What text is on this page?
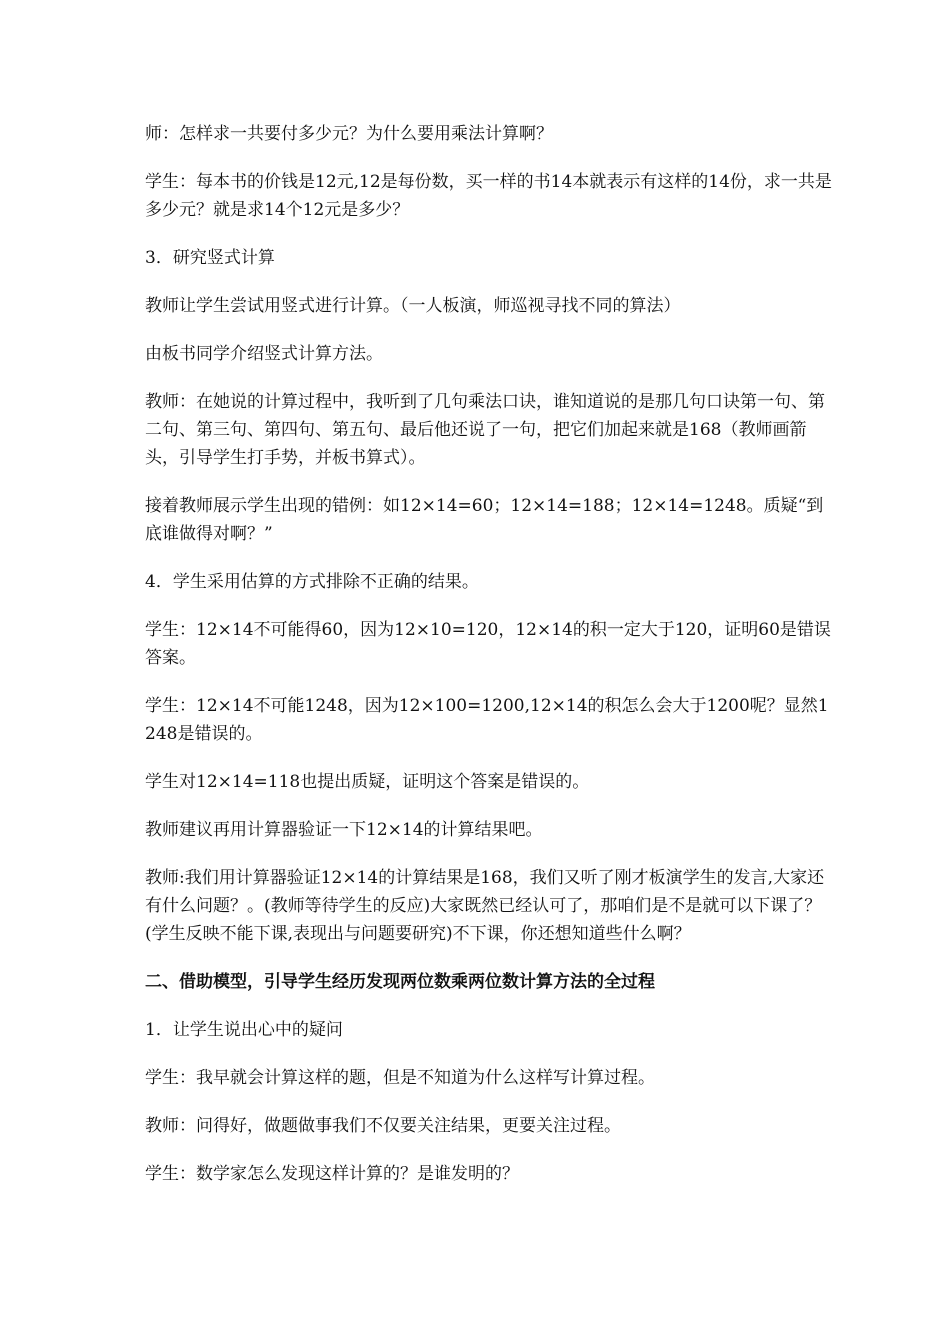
师：怎样求一共要付多少元？为什么要用乘法计算啊？

学生：每本书的价钱是12元,12是每份数，买一样的书14本就表示有这样的14份，求一共是多少元？就是求14个12元是多少？

3．研究竖式计算

教师让学生尝试用竖式进行计算。（一人板演，师巡视寻找不同的算法）

由板书同学介绍竖式计算方法。

教师：在她说的计算过程中，我听到了几句乘法口诀，谁知道说的是那几句口诀第一句、第二句、第三句、第四句、第五句、最后他还说了一句，把它们加起来就是168（教师画箭头，引导学生打手势，并板书算式）。

接着教师展示学生出现的错例：如12×14=60；12×14=188；12×14=1248。质疑“到底谁做得对啊？”

4．学生采用估算的方式排除不正确的结果。

学生：12×14不可能得60，因为12×10=120，12×14的积一定大于120，证明60是错误答案。

学生：12×14不可能1248，因为12×100=1200,12×14的积怎么会大于1200呢？显然1248是错误的。

学生对12×14=118也提出质疑，证明这个答案是错误的。

教师建议再用计算器验证一下12×14的计算结果吧。

教师:我们用计算器验证12×14的计算结果是168，我们又听了刚才板演学生的发言,大家还有什么问题？。(教师等待学生的反应)大家既然已经认可了，那咱们是不是就可以下课了？(学生反映不能下课,表现出与问题要研究)不下课，你还想知道些什么啊？

二、借助模型，引导学生经历发现两位数乘两位数计算方法的全过程

1．让学生说出心中的疑问

学生：我早就会计算这样的题，但是不知道为什么这样写计算过程。

教师：问得好，做题做事我们不仅要关注结果，更要关注过程。

学生：数学家怎么发现这样计算的？是谁发明的？
